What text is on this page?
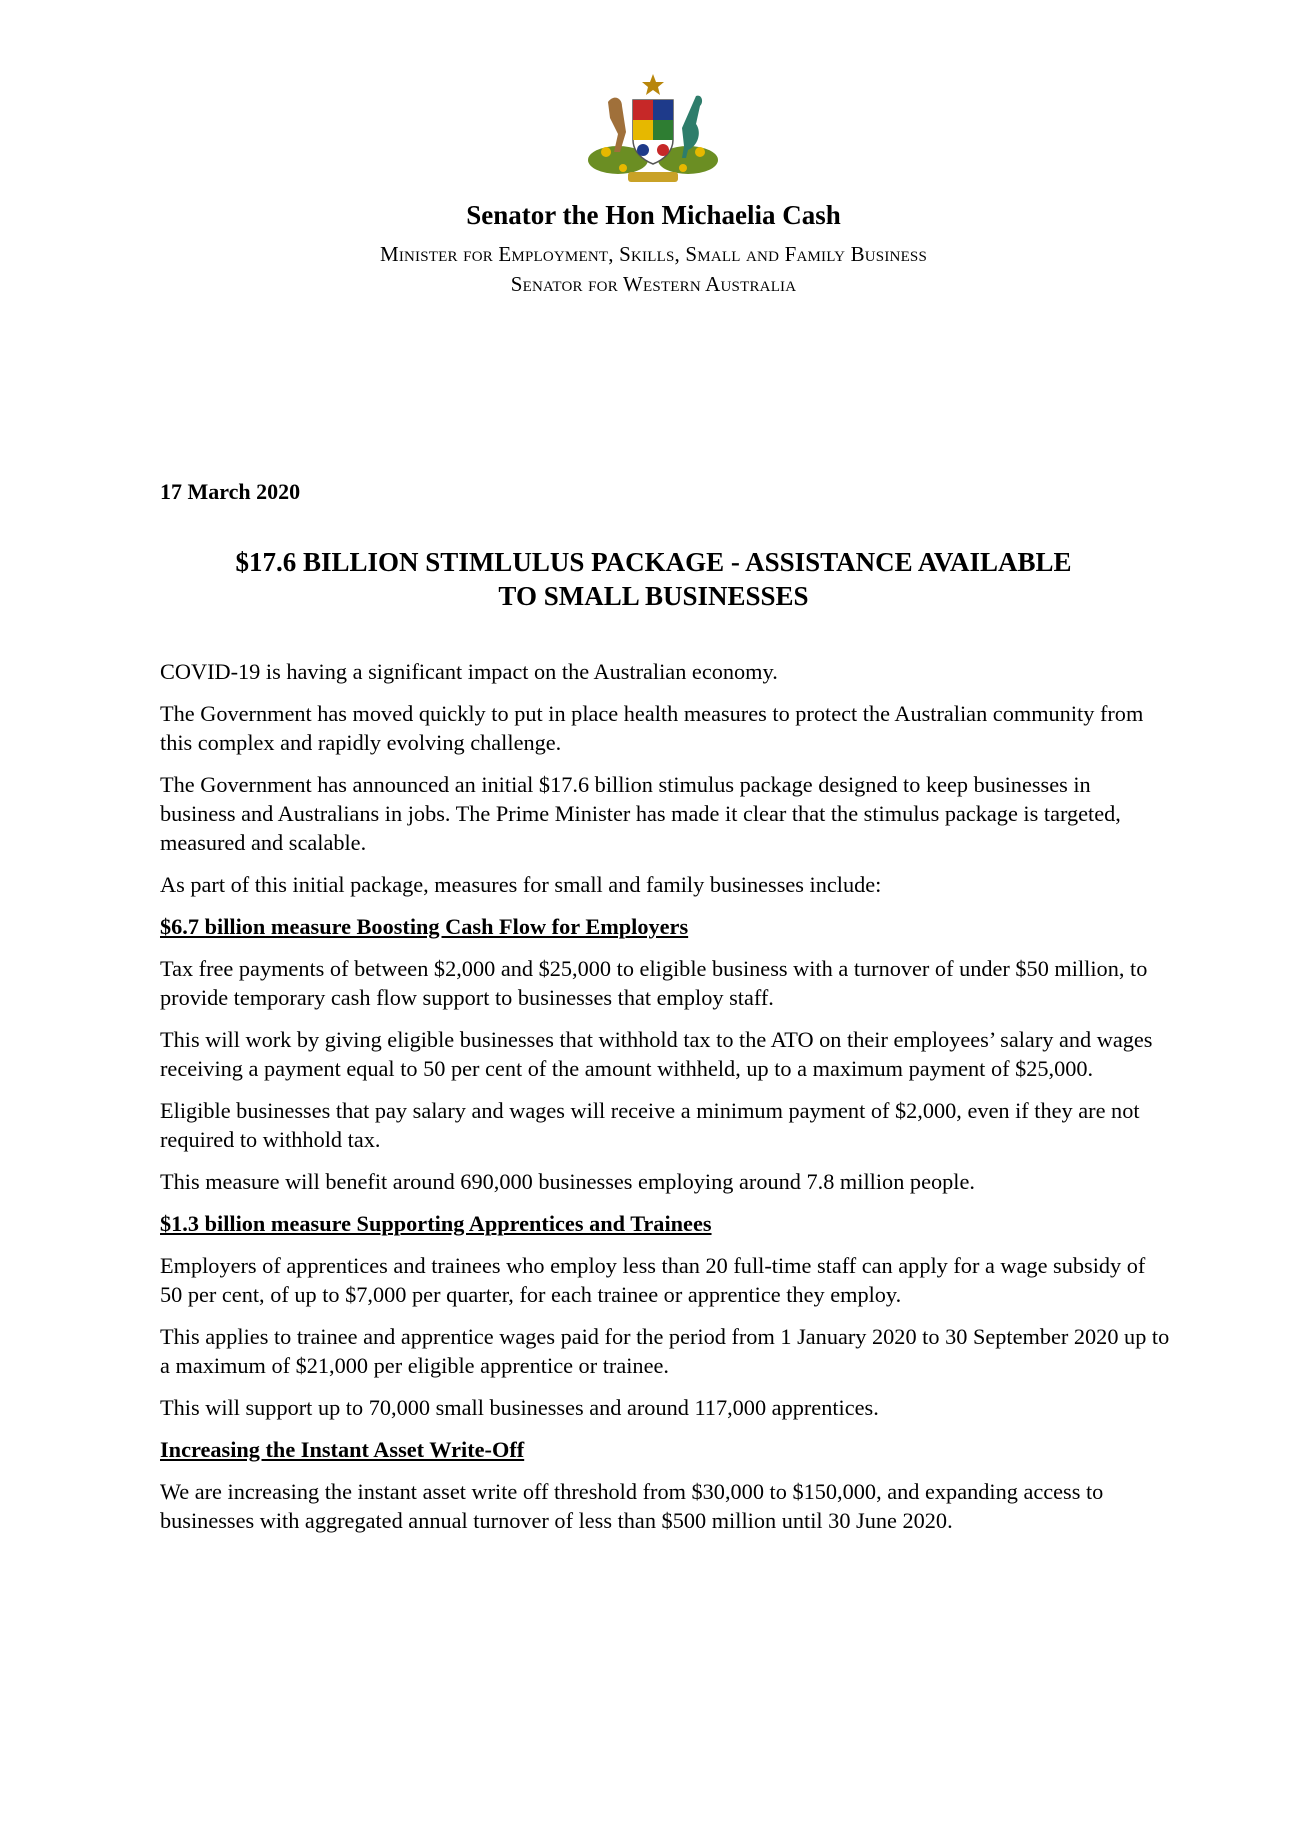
Senator the Hon Michaelia Cash
Minister for Employment, Skills, Small and Family Business
Senator for Western Australia
17 March 2020
$17.6 BILLION STIMLULUS PACKAGE - ASSISTANCE AVAILABLE
TO SMALL BUSINESSES

COVID-19 is having a significant impact on the Australian economy.

The Government has moved quickly to put in place health measures to protect the Australian community from this complex and rapidly evolving challenge.

The Government has announced an initial $17.6 billion stimulus package designed to keep businesses in business and Australians in jobs. The Prime Minister has made it clear that the stimulus package is targeted, measured and scalable.

As part of this initial package, measures for small and family businesses include:

$6.7 billion measure Boosting Cash Flow for Employers

Tax free payments of between $2,000 and $25,000 to eligible business with a turnover of under $50 million, to provide temporary cash flow support to businesses that employ staff.

This will work by giving eligible businesses that withhold tax to the ATO on their employees’ salary and wages receiving a payment equal to 50 per cent of the amount withheld, up to a maximum payment of $25,000.

Eligible businesses that pay salary and wages will receive a minimum payment of $2,000, even if they are not required to withhold tax.

This measure will benefit around 690,000 businesses employing around 7.8 million people.

$1.3 billion measure Supporting Apprentices and Trainees

Employers of apprentices and trainees who employ less than 20 full-time staff can apply for a wage subsidy of 50 per cent, of up to $7,000 per quarter, for each trainee or apprentice they employ.

This applies to trainee and apprentice wages paid for the period from 1 January 2020 to 30 September 2020 up to a maximum of $21,000 per eligible apprentice or trainee.

This will support up to 70,000 small businesses and around 117,000 apprentices.

Increasing the Instant Asset Write-Off

We are increasing the instant asset write off threshold from $30,000 to $150,000, and expanding access to businesses with aggregated annual turnover of less than $500 million until 30 June 2020.
